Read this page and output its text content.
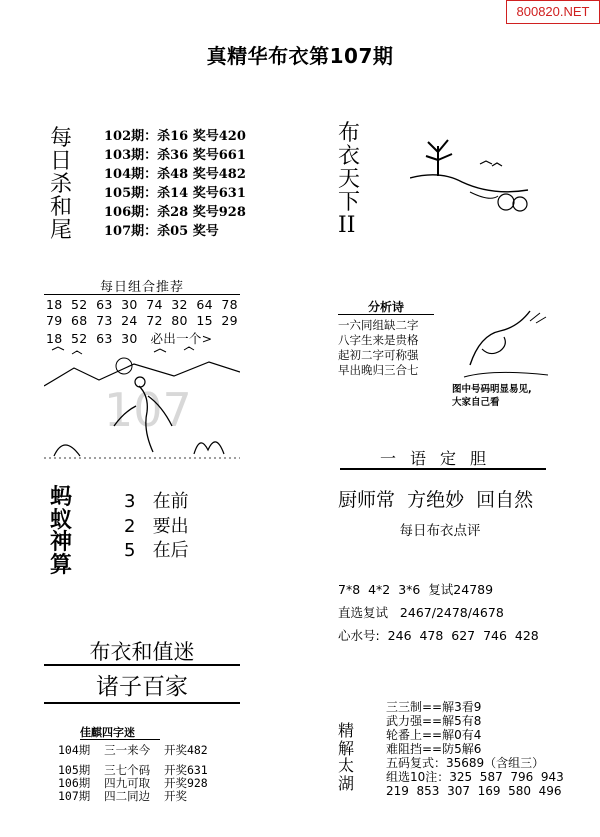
800820.NET
真精华布衣第107期
每
日
杀
和
尾
102期：杀16 奖号420
103期：杀36 奖号661
104期：杀48 奖号482
105期：杀14 奖号631
106期：杀28 奖号928
107期：杀05 奖号
每日组合推荐
18  52  63  30  74  32  64  78
79  68  73  24  72  80  15  29
18  52  63  30   必出一个>
107
蚂
蚁
神
算
3   在前
2   要出
5   在后
布衣和值迷
诸子百家
佳麒四字迷
104期  三一来今  开奖482
105期  三七个码  开奖631
106期  四九可取  开奖928
107期  四二同边  开奖
布
衣
天
下
II
分析诗
一六同组缺二字
八字生来是贵格
起初二字可称强
早出晚归三合七
图中号码明显易见,
大家自己看
一语定胆
厨师常  方绝妙  回自然
每日布衣点评
7*8  4*2  3*6  复试24789
直选复试   2467/2478/4678
心水号:  246  478  627  746  428
精
解
太
湖
三三制==解3看9
武力强==解5有8
轮番上==解0有4
难阻挡==防5解6
五码复式：35689（含组三）
组选10注：325  587  796  943
219  853  307  169  580  496
